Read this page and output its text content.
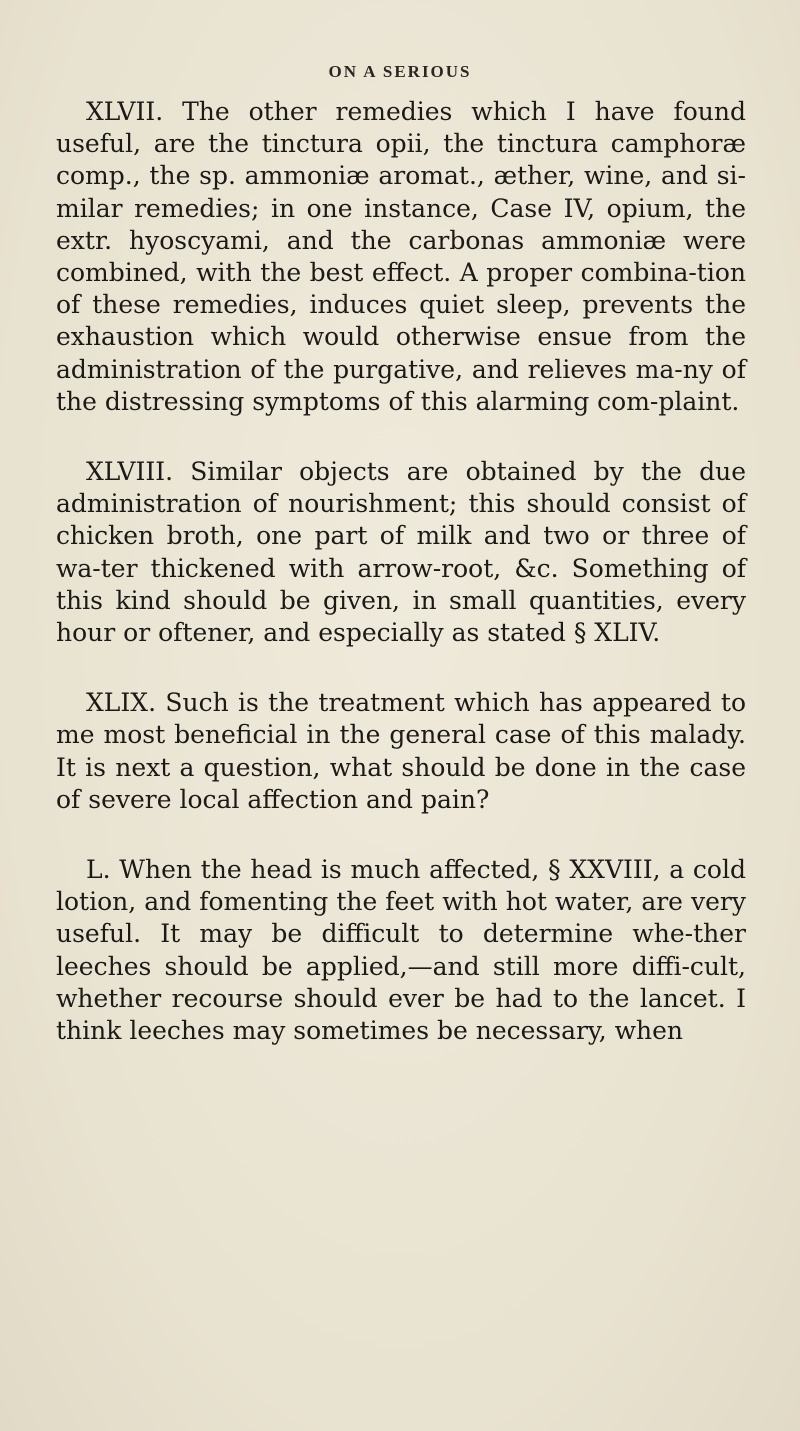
ON A SERIOUS

XLVII. The other remedies which I have found useful, are the tinctura opii, the tinctura camphoræ comp., the sp. ammoniæ aromat., æther, wine, and si-milar remedies; in one instance, Case IV, opium, the extr. hyoscyami, and the carbonas ammoniæ were combined, with the best effect. A proper combina-tion of these remedies, induces quiet sleep, prevents the exhaustion which would otherwise ensue from the administration of the purgative, and relieves ma-ny of the distressing symptoms of this alarming com-plaint.

XLVIII. Similar objects are obtained by the due administration of nourishment; this should consist of chicken broth, one part of milk and two or three of wa-ter thickened with arrow-root, &c. Something of this kind should be given, in small quantities, every hour or oftener, and especially as stated § XLIV.

XLIX. Such is the treatment which has appeared to me most beneficial in the general case of this malady. It is next a question, what should be done in the case of severe local affection and pain?

L. When the head is much affected, § XXVIII, a cold lotion, and fomenting the feet with hot water, are very useful. It may be difficult to determine whe-ther leeches should be applied,—and still more diffi-cult, whether recourse should ever be had to the lancet. I think leeches may sometimes be necessary, when
